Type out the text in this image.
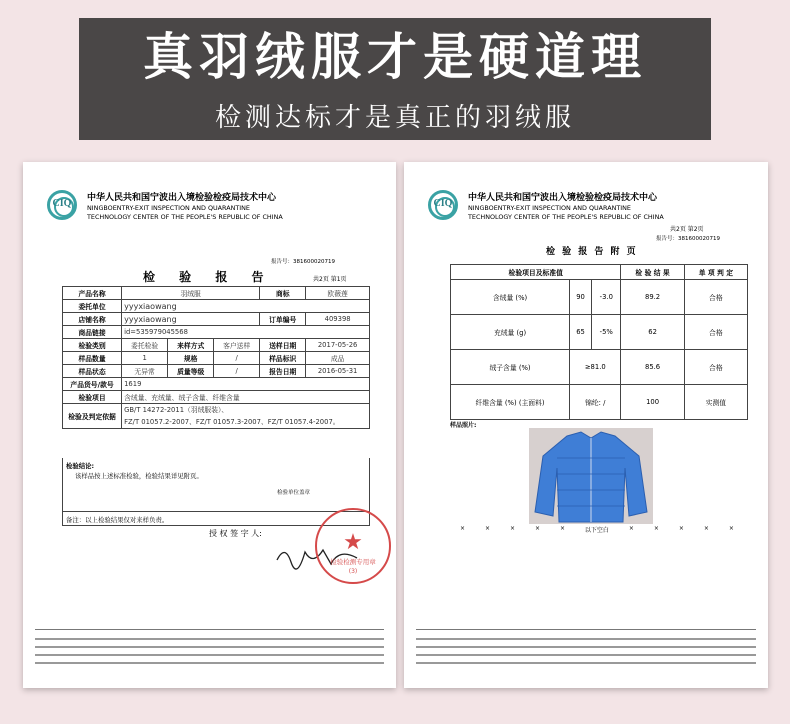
真羽绒服才是硬道理
检测达标才是真正的羽绒服
CIQ 中华人民共和国宁波出入境检验检疫局技术中心
NINGBOENTRY-EXIT INSPECTION AND QUARANTINE
TECHNOLOGY CENTER OF THE PEOPLE'S REPUBLIC OF CHINA
报告号：381600020719
检 验 报 告	共2页 第1页
产品名称	羽绒服			商标	欧薇莲
委托单位	yyyxiaowang				
店铺名称	yyyxiaowang			订单编号	409398
商品链接	id=535979045568				
检验类别	委托检验	来样方式	客户送样	送样日期	2017-05-26
样品数量	1	规格	/	样品标识	成品
样品状态	无异常	质量等级	/	报告日期	2016-05-31
产品货号/款号	1619				
检验项目	含绒量、充绒量、绒子含量、纤维含量				
检验及判定依据	GB/T 14272-2011（羽绒服装）、
FZ/T 01057.2-2007、FZ/T 01057.3-2007、FZ/T 01057.4-2007。				
检验结论:
该样品按上述标准检验，检验结果详见附页。
检验单位盖章
备注：以上检验结果仅对来样负责。
授 权 签 字 人:	★
检验检测专用章
(3)
CIQ 中华人民共和国宁波出入境检验检疫局技术中心
NINGBOENTRY-EXIT INSPECTION AND QUARANTINE
TECHNOLOGY CENTER OF THE PEOPLE'S REPUBLIC OF CHINA
共2页 第2页
报告号：381600020719
检 验 报 告 附 页
检验项目及标准值			检 验 结 果	单 项 判 定
含绒量 (%)	90	-3.0	89.2	合格
充绒量 (g)	65	-5%	62	合格
绒子含量 (%)	≥81.0		85.6	合格
纤维含量 (%) (主面料)	锦纶: /		100	实测值
样品照片:
×	×	×	×	×	以下空白	×	×	×	×	×
